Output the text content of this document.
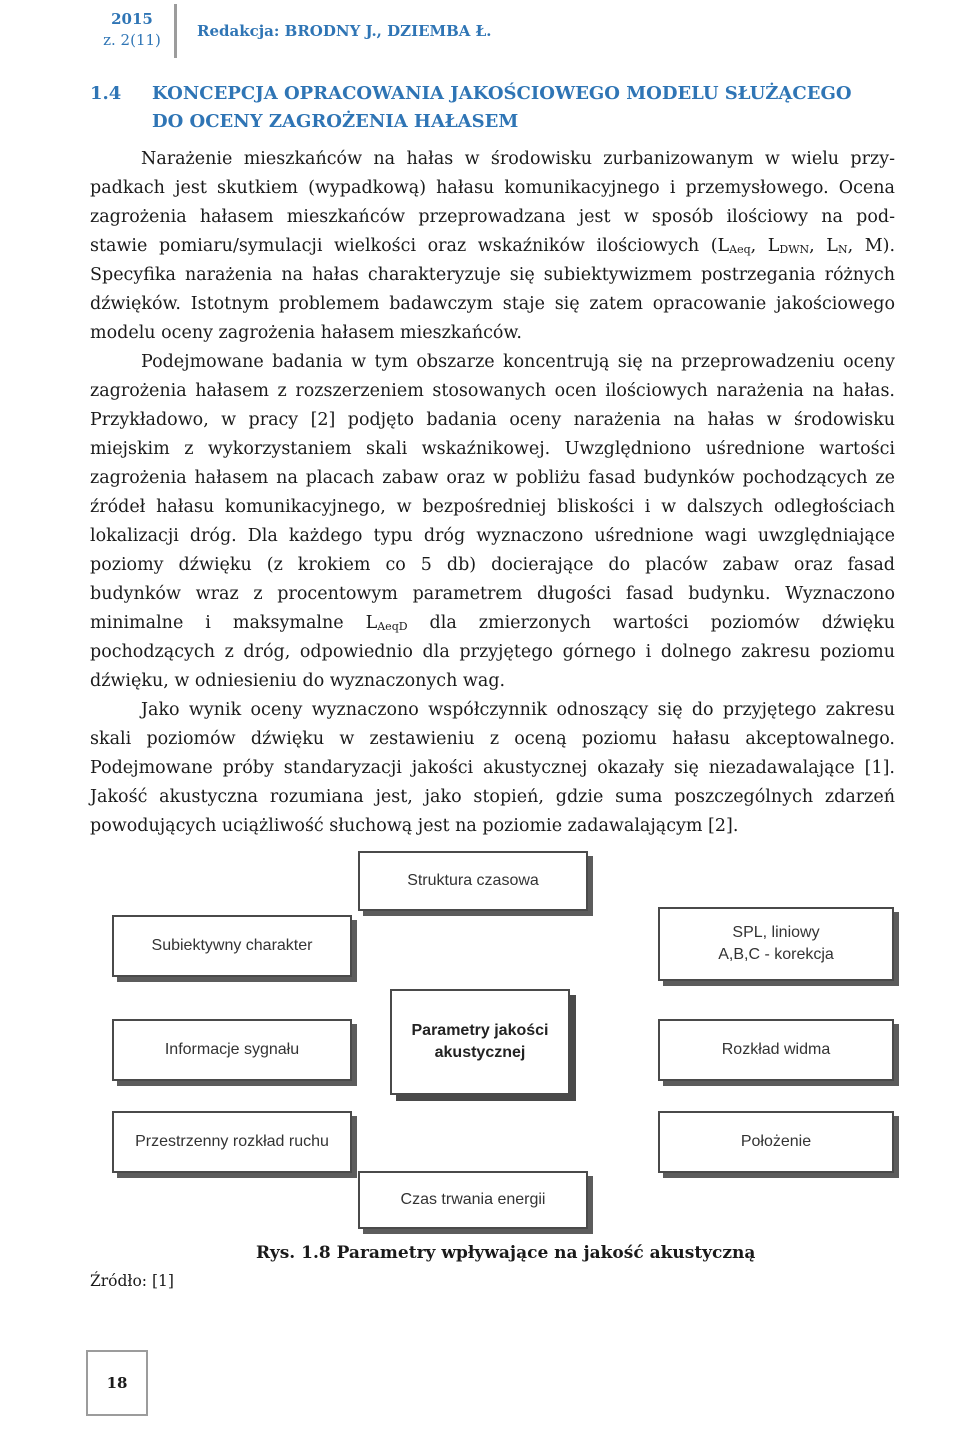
2015
z. 2(11) Redakcja: BRODNY J., DZIEMBA Ł.
1.4 KONCEPCJA OPRACOWANIA JAKOŚCIOWEGO MODELU SŁUŻĄCEGO
DO OCENY ZAGROŻENIA HAŁASEM
Narażenie mieszkańców na hałas w środowisku zurbanizowanym w wielu przy-
padkach jest skutkiem (wypadkową) hałasu komunikacyjnego i przemysłowego. Ocena
zagrożenia hałasem mieszkańców przeprowadzana jest w sposób ilościowy na pod-
stawie pomiaru/symulacji wielkości oraz wskaźników ilościowych ($L_{Aeq}$, $L_{DWN}$, $L_N$, M).
Specyfika narażenia na hałas charakteryzuje się subiektywizmem postrzegania różnych
dźwięków. Istotnym problemem badawczym staje się zatem opracowanie jakościowego
modelu oceny zagrożenia hałasem mieszkańców.
Podejmowane badania w tym obszarze koncentrują się na przeprowadzeniu oceny
zagrożenia hałasem z rozszerzeniem stosowanych ocen ilościowych narażenia na hałas.
Przykładowo, w pracy [2] podjęto badania oceny narażenia na hałas w środowisku
miejskim z wykorzystaniem skali wskaźnikowej. Uwzględniono uśrednione wartości
zagrożenia hałasem na placach zabaw oraz w pobliżu fasad budynków pochodzących ze
źródeł hałasu komunikacyjnego, w bezpośredniej bliskości i w dalszych odległościach
lokalizacji dróg. Dla każdego typu dróg wyznaczono uśrednione wagi uwzględniające
poziomy dźwięku (z krokiem co 5 db) docierające do placów zabaw oraz fasad
budynków wraz z procentowym parametrem długości fasad budynku. Wyznaczono
minimalne i maksymalne $L_{AeqD}$ dla zmierzonych wartości poziomów dźwięku
pochodzących z dróg, odpowiednio dla przyjętego górnego i dolnego zakresu poziomu
dźwięku, w odniesieniu do wyznaczonych wag.
Jako wynik oceny wyznaczono współczynnik odnoszący się do przyjętego zakresu
skali poziomów dźwięku w zestawieniu z oceną poziomu hałasu akceptowalnego.
Podejmowane próby standaryzacji jakości akustycznej okazały się niezadawalające [1].
Jakość akustyczna rozumiana jest, jako stopień, gdzie suma poszczególnych zdarzeń
powodujących uciążliwość słuchową jest na poziomie zadawalającym [2].
Struktura czasowa
Subiektywny charakter
SPL, liniowy
A,B,C - korekcja
Informacje sygnału
Parametry jakości
akustycznej	Rozkład widma
Przestrzenny rozkład ruchu	Położenie
Czas trwania energii
Rys. 1.8 Parametry wpływające na jakość akustyczną
Źródło: [1]
18
